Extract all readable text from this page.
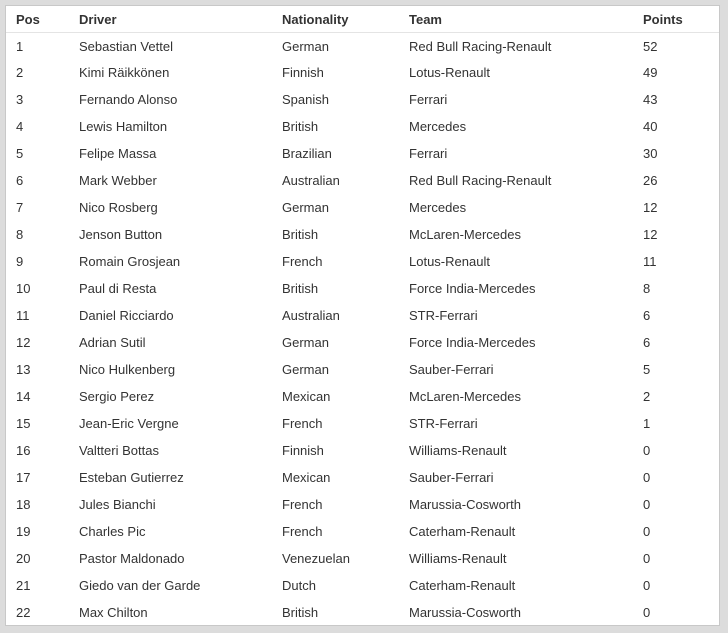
Pos	Driver	Nationality	Team	Points
1	Sebastian Vettel	German	Red Bull Racing-Renault	52
2	Kimi Räikkönen	Finnish	Lotus-Renault	49
3	Fernando Alonso	Spanish	Ferrari	43
4	Lewis Hamilton	British	Mercedes	40
5	Felipe Massa	Brazilian	Ferrari	30
6	Mark Webber	Australian	Red Bull Racing-Renault	26
7	Nico Rosberg	German	Mercedes	12
8	Jenson Button	British	McLaren-Mercedes	12
9	Romain Grosjean	French	Lotus-Renault	11
10	Paul di Resta	British	Force India-Mercedes	8
11	Daniel Ricciardo	Australian	STR-Ferrari	6
12	Adrian Sutil	German	Force India-Mercedes	6
13	Nico Hulkenberg	German	Sauber-Ferrari	5
14	Sergio Perez	Mexican	McLaren-Mercedes	2
15	Jean-Eric Vergne	French	STR-Ferrari	1
16	Valtteri Bottas	Finnish	Williams-Renault	0
17	Esteban Gutierrez	Mexican	Sauber-Ferrari	0
18	Jules Bianchi	French	Marussia-Cosworth	0
19	Charles Pic	French	Caterham-Renault	0
20	Pastor Maldonado	Venezuelan	Williams-Renault	0
21	Giedo van der Garde	Dutch	Caterham-Renault	0
22	Max Chilton	British	Marussia-Cosworth	0
